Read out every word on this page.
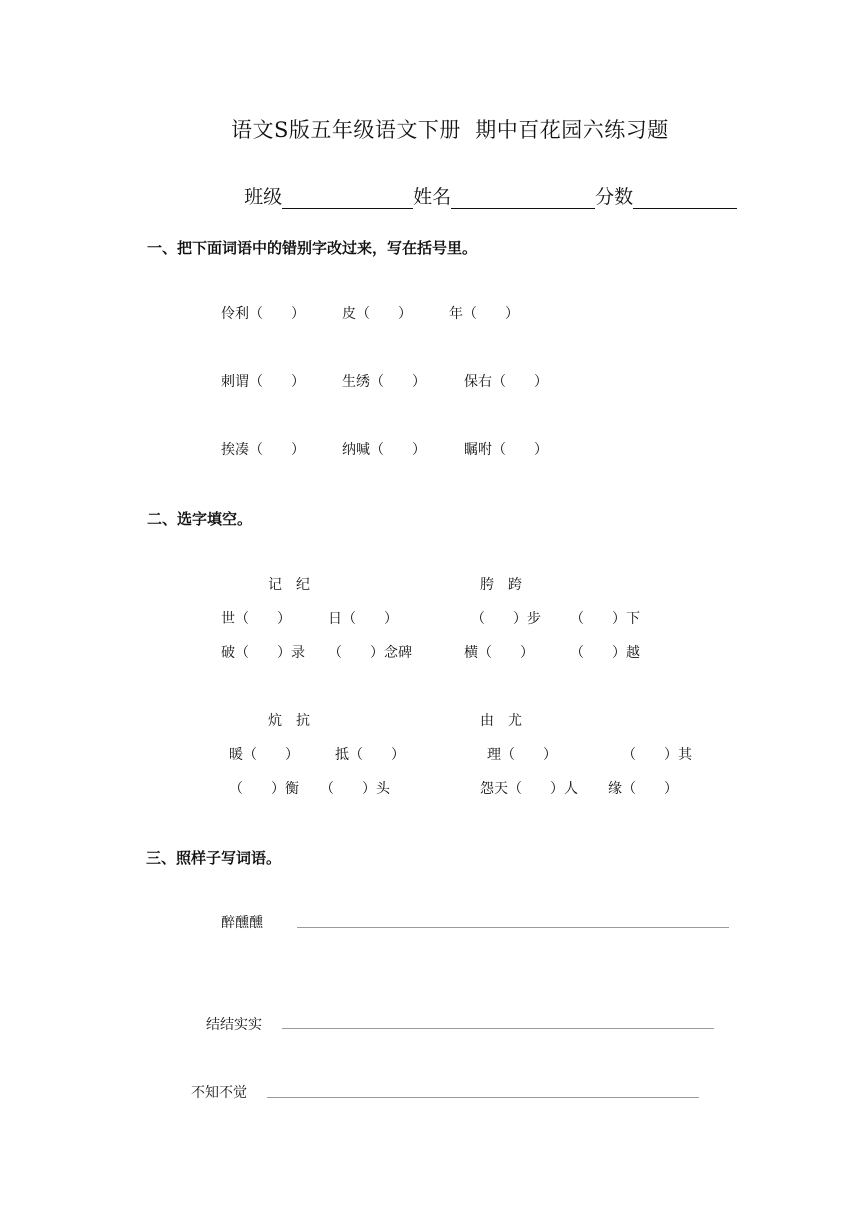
语文S版五年级语文下册  期中百花园六练习题

班级	姓名	分数

一、把下面词语中的错别字改过来，写在括号里。
伶利（　　）	皮（　　）	年（　　）
刺谓（　　）	生绣（　　）	保右（　　）
挨凑（　　）	纳喊（　　）	瞩咐（　　）
二、选字填空。
记　纪	胯　跨
世（　　）	日（　　）	（　　）步 （　　）下
破（　　）录 （　　）念碑	横（　　）	（　　）越
炕　抗	由　尤
暖（　　）	抵（　　）	理（　　）	（　　）其
（　　）衡 （　　）头	怨天（　　）人 缘（　　）
三、照样子写词语。
醉醺醺
结结实实
不知不觉
